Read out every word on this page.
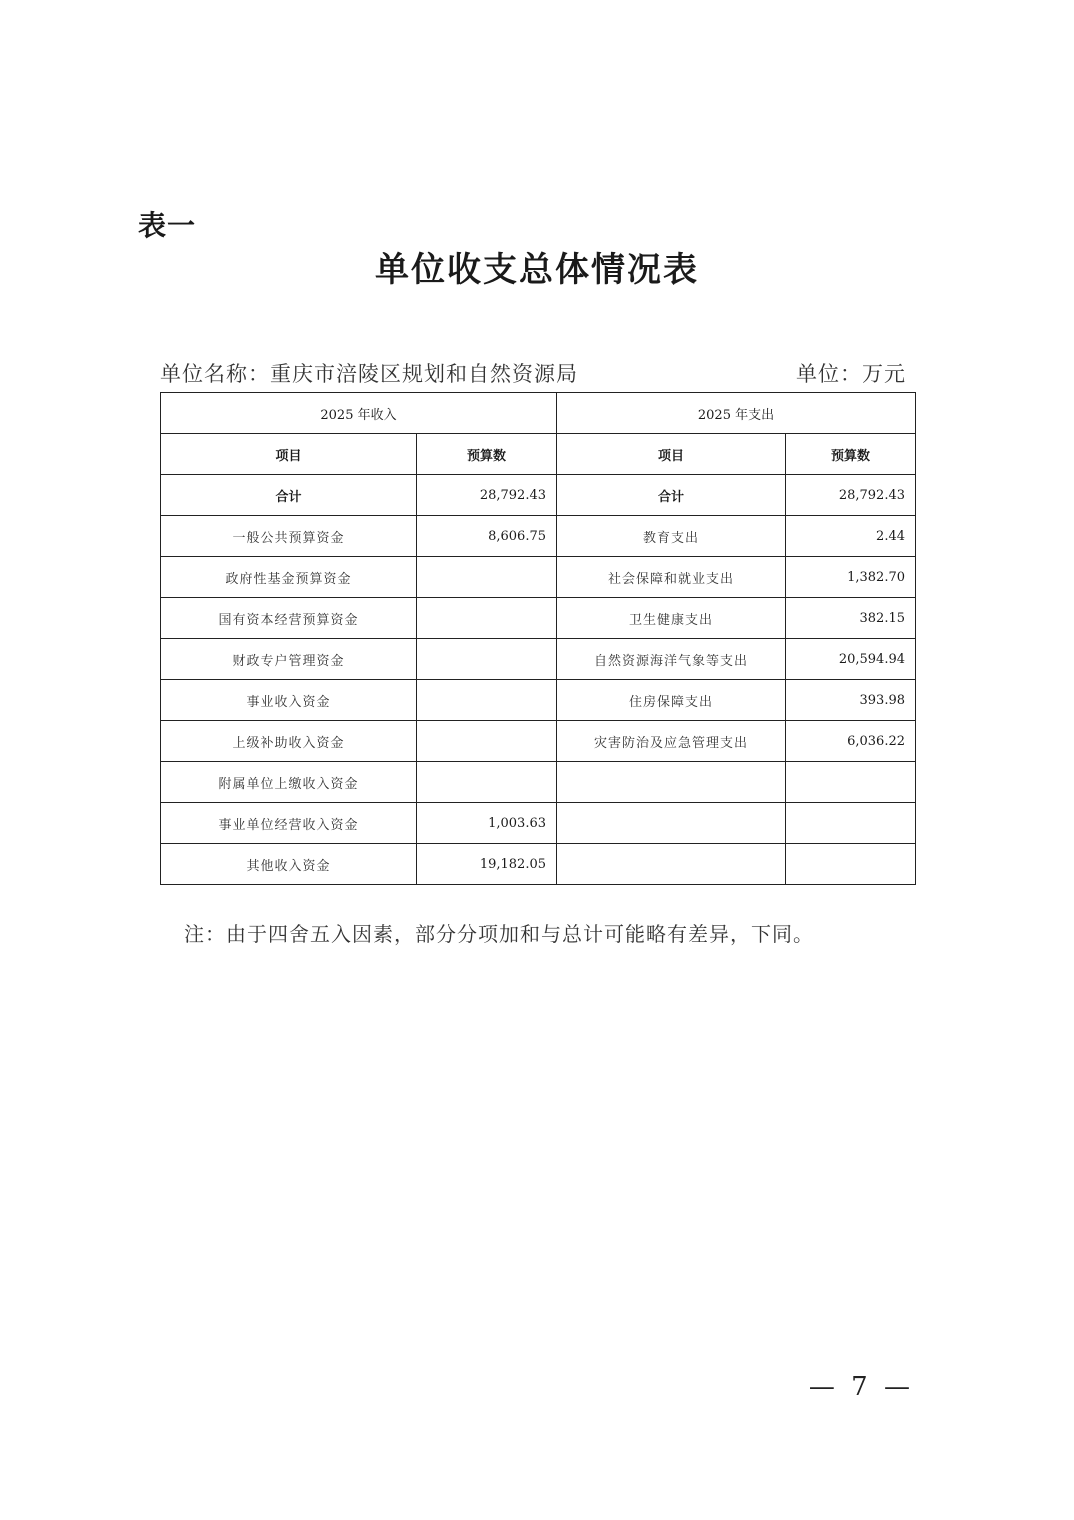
表一
单位收支总体情况表
单位名称：重庆市涪陵区规划和自然资源局	单位：万元
2025 年收入		2025 年支出	
项目	预算数	项目	预算数
合计	28,792.43	合计	28,792.43
一般公共预算资金	8,606.75	教育支出	2.44
政府性基金预算资金		社会保障和就业支出	1,382.70
国有资本经营预算资金		卫生健康支出	382.15
财政专户管理资金		自然资源海洋气象等支出	20,594.94
事业收入资金		住房保障支出	393.98
上级补助收入资金		灾害防治及应急管理支出	6,036.22
附属单位上缴收入资金			
事业单位经营收入资金	1,003.63		
其他收入资金	19,182.05		
注：由于四舍五入因素，部分分项加和与总计可能略有差异，下同。
— 7 —
